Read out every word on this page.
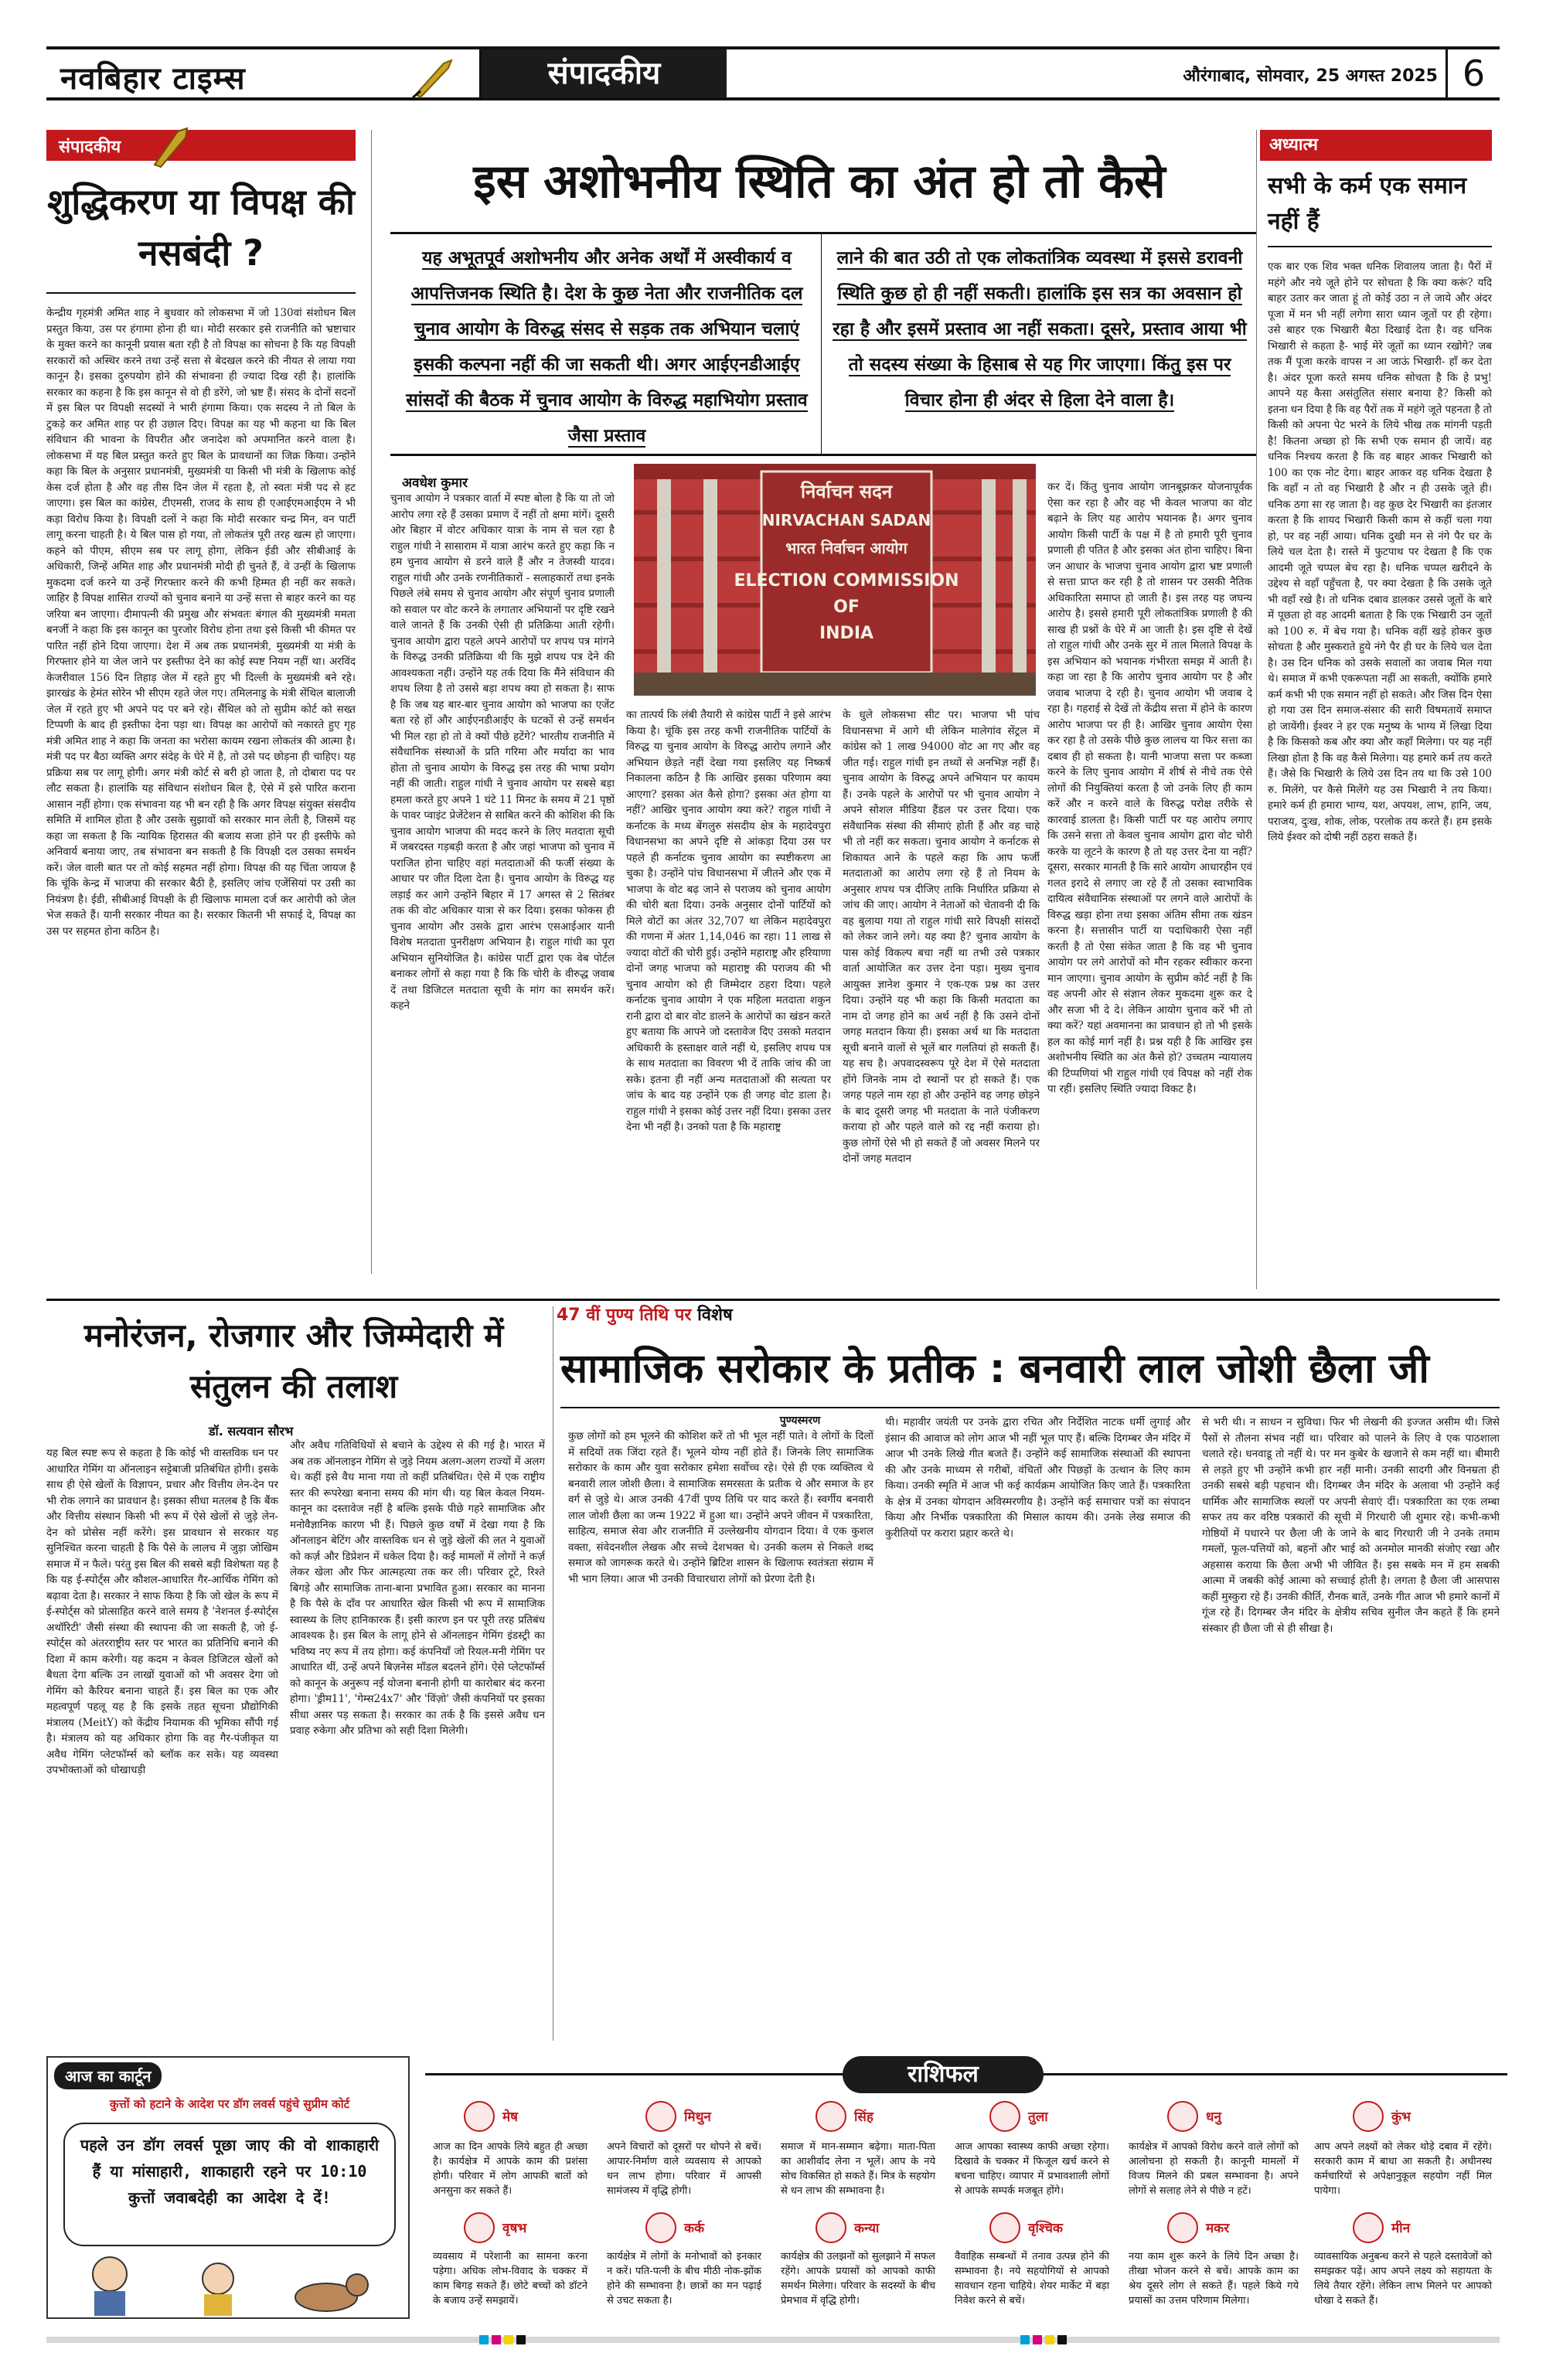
नवबिहार टाइम्स	संपादकीय	औरंगाबाद, सोमवार, 25 अगस्त 2025 6
संपादकीय
शुद्धिकरण या विपक्ष की नसबंदी ?
केन्द्रीय गृहमंत्री अमित शाह ने बुधवार को लोकसभा में जो 130वां संशोधन बिल प्रस्तुत किया, उस पर हंगामा होना ही था। मोदी सरकार इसे राजनीति को भ्रष्टाचार के मुक्त करने का कानूनी प्रयास बता रही है तो विपक्ष का सोचना है कि यह विपक्षी सरकारों को अस्थिर करने तथा उन्हें सत्ता से बेदखल करने की नीयत से लाया गया कानून है। इसका दुरुपयोग होने की संभावना ही ज्यादा दिख रही है। हालांकि सरकार का कहना है कि इस कानून से वो ही डरेंगे, जो भ्रष्ट हैं। संसद के दोनों सदनों में इस बिल पर विपक्षी सदस्यों ने भारी हंगामा किया। एक सदस्य ने तो बिल के टुकड़े कर अमित शाह पर ही उछाल दिए। विपक्ष का यह भी कहना था कि बिल संविधान की भावना के विपरीत और जनादेश को अपमानित करने वाला है। लोकसभा में यह बिल प्रस्तुत करते हुए बिल के प्रावधानों का जिक्र किया। उन्होंने कहा कि बिल के अनुसार प्रधानमंत्री, मुख्यमंत्री या किसी भी मंत्री के खिलाफ कोई केस दर्ज होता है और वह तीस दिन जेल में रहता है, तो स्वतः मंत्री पद से हट जाएगा। इस बिल का कांग्रेस, टीएमसी, राजद के साथ ही एआईएमआईएम ने भी कड़ा विरोध किया है। विपक्षी दलों ने कहा कि मोदी सरकार चन्द्र मिन, वन पार्टी लागू करना चाहती है। ये बिल पास हो गया, तो लोकतंत्र पूरी तरह खत्म हो जाएगा। कहने को पीएम, सीएम सब पर लागू होगा, लेकिन ईडी और सीबीआई के अधिकारी, जिन्हें अमित शाह और प्रधानमंत्री मोदी ही चुनते हैं, वे उन्हीं के खिलाफ मुकदमा दर्ज करने या उन्हें गिरफ्तार करने की कभी हिम्मत ही नहीं कर सकते। जाहिर है विपक्ष शासित राज्यों को चुनाव बनाने या उन्हें सत्ता से बाहर करने का यह जरिया बन जाएगा। दीमापत्नी की प्रमुख और संभवतः बंगाल की मुख्यमंत्री ममता बनर्जी ने कहा कि इस कानून का पुरजोर विरोध होना तथा इसे किसी भी कीमत पर पारित नहीं होने दिया जाएगा। देश में अब तक प्रधानमंत्री, मुख्यमंत्री या मंत्री के गिरफ्तार होने या जेल जाने पर इस्तीफा देने का कोई स्पष्ट नियम नहीं था। अरविंद केजरीवाल 156 दिन तिहाड़ जेल में रहते हुए भी दिल्ली के मुख्यमंत्री बने रहे। झारखंड के हेमंत सोरेन भी सीएम रहते जेल गए। तमिलनाडु के मंत्री सेंथिल बालाजी जेल में रहते हुए भी अपने पद पर बने रहे। सैंथिल को तो सुप्रीम कोर्ट को सख्त टिप्पणी के बाद ही इस्तीफा देना पड़ा था। विपक्ष का आरोपों को नकारते हुए गृह मंत्री अमित शाह ने कहा कि जनता का भरोसा कायम रखना लोकतंत्र की आत्मा है। मंत्री पद पर बैठा व्यक्ति अगर संदेह के घेरे में है, तो उसे पद छोड़ना ही चाहिए। यह प्रक्रिया सब पर लागू होगी। अगर मंत्री कोर्ट से बरी हो जाता है, तो दोबारा पद पर लौट सकता है। हालांकि यह संविधान संशोधन बिल है, ऐसे में इसे पारित कराना आसान नहीं होगा। एक संभावना यह भी बन रही है कि अगर विपक्ष संयुक्त संसदीय समिति में शामिल होता है और उसके सुझावों को सरकार मान लेती है, जिसमें यह कहा जा सकता है कि न्यायिक हिरासत की बजाय सजा होने पर ही इस्तीफे को अनिवार्य बनाया जाए, तब संभावना बन सकती है कि विपक्षी दल उसका समर्थन करें। जेल वाली बात पर तो कोई सहमत नहीं होगा। विपक्ष की यह चिंता जायज है कि चूंकि केन्द्र में भाजपा की सरकार बैठी है, इसलिए जांच एजेंसियां पर उसी का नियंत्रण है। ईडी, सीबीआई विपक्षी के ही खिलाफ मामला दर्ज कर आरोपी को जेल भेज सकते हैं। यानी सरकार नीयत का है। सरकार कितनी भी सफाई दे, विपक्ष का उस पर सहमत होना कठिन है।
इस अशोभनीय स्थिति का अंत हो तो कैसे
यह अभूतपूर्व अशोभनीय और अनेक अर्थों में अस्वीकार्य व आपत्तिजनक स्थिति है। देश के कुछ नेता और राजनीतिक दल चुनाव आयोग के विरुद्ध संसद से सड़क तक अभियान चलाएं इसकी कल्पना नहीं की जा सकती थी। अगर आईएनडीआईए सांसदों की बैठक में चुनाव आयोग के विरुद्ध महाभियोग प्रस्ताव जैसा प्रस्ताव
लाने की बात उठी तो एक लोकतांत्रिक व्यवस्था में इससे डरावनी स्थिति कुछ हो ही नहीं सकती। हालांकि इस सत्र का अवसान हो रहा है और इसमें प्रस्ताव आ नहीं सकता। दूसरे, प्रस्ताव आया भी तो सदस्य संख्या के हिसाब से यह गिर जाएगा। किंतु इस पर विचार होना ही अंदर से हिला देने वाला है।
अवधेश कुमार	निर्वाचन सदन
NIRVACHAN SADAN
भारत निर्वाचन आयोग
ELECTION COMMISSION
OF
INDIA
चुनाव आयोग ने पत्रकार वार्ता में स्पष्ट बोला है कि या तो जो आरोप लगा रहे हैं उसका प्रमाण दें नहीं तो क्षमा मांगें। दूसरी ओर बिहार में वोटर अधिकार यात्रा के नाम से चल रहा है राहुल गांधी ने सासाराम में यात्रा आरंभ करते हुए कहा कि न हम चुनाव आयोग से डरने वाले हैं और न तेजस्वी यादव। राहुल गांधी और उनके रणनीतिकारों - सलाहकारों तथा इनके पिछले लंबे समय से चुनाव आयोग और संपूर्ण चुनाव प्रणाली को सवाल पर वोट करने के लगातार अभियानों पर दृष्टि रखने वाले जानते हैं कि उनकी ऐसी ही प्रतिक्रिया आती रहेगी। चुनाव आयोग द्वारा पहले अपने आरोपों पर शपथ पत्र मांगने के विरुद्ध उनकी प्रतिक्रिया थी कि मुझे शपथ पत्र देने की आवश्यकता नहीं। उन्होंने यह तर्क दिया कि मैंने संविधान की शपथ लिया है तो उससे बड़ा शपथ क्या हो सकता है। साफ है कि जब यह बार-बार चुनाव आयोग को भाजपा का एजेंट बता रहे हों और आईएनडीआईए के घटकों से उन्हें समर्थन भी मिल रहा हो तो वे क्यों पीछे हटेंगे? भारतीय राजनीति में संवैधानिक संस्थाओं के प्रति गरिमा और मर्यादा का भाव होता तो चुनाव आयोग के विरुद्ध इस तरह की भाषा प्रयोग नहीं की जाती। राहुल गांधी ने चुनाव आयोग पर सबसे बड़ा हमला करते हुए अपने 1 घंटे 11 मिनट के समय में 21 पृष्ठों के पावर प्वाइंट प्रेजेंटेशन से साबित करने की कोशिश की कि चुनाव आयोग भाजपा की मदद करने के लिए मतदाता सूची में जबरदस्त गड़बड़ी करता है और जहां भाजपा को चुनाव में पराजित होना चाहिए वहां मतदाताओं की फर्जी संख्या के आधार पर जीत दिला देता है। चुनाव आयोग के विरुद्ध यह लड़ाई कर आगे उन्होंने बिहार में 17 अगस्त से 2 सितंबर तक की वोट अधिकार यात्रा से कर दिया। इसका फोकस ही चुनाव आयोग और उसके द्वारा आरंभ एसआईआर यानी विशेष मतदाता पुनरीक्षण अभियान है। राहुल गांधी का पूरा अभियान सुनियोजित है। कांग्रेस पार्टी द्वारा एक वेब पोर्टल बनाकर लोगों से कहा गया है कि कि चोरी के वीरुद्ध जवाब दें तथा डिजिटल मतदाता सूची के मांग का समर्थन करें। कहने
का तात्पर्य कि लंबी तैयारी से कांग्रेस पार्टी ने इसे आरंभ किया है। चूंकि इस तरह कभी राजनीतिक पार्टियों के विरुद्ध या चुनाव आयोग के विरुद्ध आरोप लगाने और अभियान छेड़ते नहीं देखा गया इसलिए यह निष्कर्ष निकालना कठिन है कि आखिर इसका परिणाम क्या आएगा? इसका अंत कैसे होगा? इसका अंत होगा या नहीं? आखिर चुनाव आयोग क्या करे? राहुल गांधी ने कर्नाटक के मध्य बेंगलुरु संसदीय क्षेत्र के महादेवपुरा विधानसभा का अपने दृष्टि से आंकड़ा दिया उस पर पहले ही कर्नाटक चुनाव आयोग का स्पष्टीकरण आ चुका है। उन्होंने पांच विधानसभा में जीतने और एक में भाजपा के वोट बढ़ जाने से पराजय को चुनाव आयोग की चोरी बता दिया। उनके अनुसार दोनों पार्टियों को मिले वोटों का अंतर 32,707 था लेकिन महादेवपुरा की गणना में अंतर 1,14,046 का रहा। 11 लाख से ज्यादा वोटों की चोरी हुई। उन्होंने महाराष्ट्र और हरियाणा दोनों जगह भाजपा को महाराष्ट्र की पराजय की भी चुनाव आयोग को ही जिम्मेदार ठहरा दिया। पहले कर्नाटक चुनाव आयोग ने एक महिला मतदाता शकुन रानी द्वारा दो बार वोट डालने के आरोपों का खंडन करते हुए बताया कि आपने जो दस्तावेज दिए उसको मतदान अधिकारी के हस्ताक्षर वाले नहीं थे, इसलिए शपथ पत्र के साथ मतदाता का विवरण भी दें ताकि जांच की जा सके। इतना ही नहीं अन्य मतदाताओं की सत्यता पर जांच के बाद यह उन्होंने एक ही जगह वोट डाला है। राहुल गांधी ने इसका कोई उत्तर नहीं दिया। इसका उत्तर देना भी नहीं है। उनको पता है कि महाराष्ट्र
के धुले लोकसभा सीट पर। भाजपा भी पांच विधानसभा में आगे थी लेकिन मालेगांव सेंट्रल में कांग्रेस को 1 लाख 94000 वोट आ गए और वह जीत गई। राहुल गांधी इन तथ्यों से अनभिज्ञ नहीं हैं। चुनाव आयोग के विरुद्ध अपने अभियान पर कायम हैं। उनके पहले के आरोपों पर भी चुनाव आयोग ने अपने सोशल मीडिया हैंडल पर उत्तर दिया। एक संवैधानिक संस्था की सीमाएं होती हैं और वह चाहे भी तो नहीं कर सकता। चुनाव आयोग ने कर्नाटक से शिकायत आने के पहले कहा कि आप फर्जी मतदाताओं का आरोप लगा रहे हैं तो नियम के अनुसार शपथ पत्र दीजिए ताकि निर्धारित प्रक्रिया से जांच की जाए। आयोग ने नेताओं को चेतावनी दी कि वह बुलाया गया तो राहुल गांधी सारे विपक्षी सांसदों को लेकर जाने लगे। यह क्या है? चुनाव आयोग के पास कोई विकल्प बचा नहीं था तभी उसे पत्रकार वार्ता आयोजित कर उत्तर देना पड़ा। मुख्य चुनाव आयुक्त ज्ञानेश कुमार ने एक-एक प्रश्न का उत्तर दिया। उन्होंने यह भी कहा कि किसी मतदाता का नाम दो जगह होने का अर्थ नहीं है कि उसने दोनों जगह मतदान किया ही। इसका अर्थ था कि मतदाता सूची बनाने वालों से भूलें बार गलतियां हो सकती हैं। यह सच है। अपवादस्वरूप पूरे देश में ऐसे मतदाता होंगे जिनके नाम दो स्थानों पर हो सकते हैं। एक जगह पहले नाम रहा हो और उन्होंने वह जगह छोड़ने के बाद दूसरी जगह भी मतदाता के नाते पंजीकरण कराया हो और पहले वाले को रद्द नहीं कराया हो। कुछ लोगों ऐसे भी हो सकते हैं जो अवसर मिलने पर दोनों जगह मतदान
कर दें। किंतु चुनाव आयोग जानबूझकर योजनापूर्वक ऐसा कर रहा है और वह भी केवल भाजपा का वोट बढ़ाने के लिए यह आरोप भयानक है। अगर चुनाव आयोग किसी पार्टी के पक्ष में है तो हमारी पूरी चुनाव प्रणाली ही पतित है और इसका अंत होना चाहिए। बिना जन आधार के भाजपा चुनाव आयोग द्वारा भ्रष्ट प्रणाली से सत्ता प्राप्त कर रही है तो शासन पर उसकी नैतिक अधिकारिता समाप्त हो जाती है। इस तरह यह जघन्य आरोप है। इससे हमारी पूरी लोकतांत्रिक प्रणाली है की साख ही प्रश्नों के घेरे में आ जाती है। इस दृष्टि से देखें तो राहुल गांधी और उनके सुर में ताल मिलाते विपक्ष के इस अभियान को भयानक गंभीरता समझ में आती है। कहा जा रहा है कि आरोप चुनाव आयोग पर है और जवाब भाजपा दे रही है। चुनाव आयोग भी जवाब दे रहा है। गहराई से देखें तो केंद्रीय सत्ता में होने के कारण आरोप भाजपा पर ही है। आखिर चुनाव आयोग ऐसा कर रहा है तो उसके पीछे कुछ लालच या फिर सत्ता का दबाव ही हो सकता है। यानी भाजपा सत्ता पर कब्जा करने के लिए चुनाव आयोग में शीर्ष से नीचे तक ऐसे लोगों की नियुक्तियां करता है जो उनके लिए ही काम करें और न करने वाले के विरुद्ध परोक्ष तरीके से कारवाई डालता है। किसी पार्टी पर यह आरोप लगाए कि उसने सत्ता तो केवल चुनाव आयोग द्वारा वोट चोरी करके या लूटने के कारण है तो यह उत्तर देना या नहीं? दूसरा, सरकार मानती है कि सारे आयोग आधारहीन एवं गलत इरादे से लगाए जा रहे हैं तो उसका स्वाभाविक दायित्व संवैधानिक संस्थाओं पर लगने वाले आरोपों के विरुद्ध खड़ा होना तथा इसका अंतिम सीमा तक खंडन करना है। सत्तासीन पार्टी या पदाधिकारी ऐसा नहीं करती है तो ऐसा संकेत जाता है कि वह भी चुनाव आयोग पर लगे आरोपों को मौन रहकर स्वीकार करना मान जाएगा। चुनाव आयोग के सुप्रीम कोर्ट नहीं है कि वह अपनी ओर से संज्ञान लेकर मुकदमा शुरू कर दे और सजा भी दे दे। लेकिन आयोग चुनाव करें भी तो क्या करें? यहां अवमानना का प्रावधान हो तो भी इसके हल का कोई मार्ग नहीं है। प्रश्न यही है कि आखिर इस अशोभनीय स्थिति का अंत कैसे हो? उच्चतम न्यायालय की टिप्पणियां भी राहुल गांधी एवं विपक्ष को नहीं रोक पा रहीं। इसलिए स्थिति ज्यादा विकट है।
अध्यात्म
सभी के कर्म एक समान नहीं हैं
एक बार एक शिव भक्त धनिक शिवालय जाता है। पैरों में महंगे और नये जूते होने पर सोचता है कि क्या करूं? यदि बाहर उतार कर जाता हूं तो कोई उठा न ले जाये और अंदर पूजा में मन भी नहीं लगेगा सारा ध्यान जूतों पर ही रहेगा। उसे बाहर एक भिखारी बैठा दिखाई देता है। वह धनिक भिखारी से कहता है- भाई मेरे जूतों का ध्यान रखोगे? जब तक मैं पूजा करके वापस न आ जाऊं भिखारी- हाँ कर देता है। अंदर पूजा करते समय धनिक सोचता है कि हे प्रभु! आपने यह कैसा असंतुलित संसार बनाया है? किसी को इतना धन दिया है कि वह पैरों तक में महंगे जूते पहनता है तो किसी को अपना पेट भरने के लिये भीख तक मांगनी पड़ती है! कितना अच्छा हो कि सभी एक समान ही जायें। वह धनिक निश्चय करता है कि वह बाहर आकर भिखारी को 100 का एक नोट देगा। बाहर आकर वह धनिक देखता है कि वहाँ न तो वह भिखारी है और न ही उसके जूते ही। धनिक ठगा सा रह जाता है। वह कुछ देर भिखारी का इंतजार करता है कि शायद भिखारी किसी काम से कहीं चला गया हो, पर वह नहीं आया। धनिक दुखी मन से नंगे पैर घर के लिये चल देता है। रास्ते में फुटपाथ पर देखता है कि एक आदमी जूते चप्पल बेच रहा है। धनिक चप्पल खरीदने के उद्देश्य से वहाँ पहुँचता है, पर क्या देखता है कि उसके जूते भी वहाँ रखे है। तो धनिक दबाव डालकर उससे जूतों के बारे में पूछता हो वह आदमी बताता है कि एक भिखारी उन जूतों को 100 रु. में बेच गया है। धनिक वहीं खड़े होकर कुछ सोचता है और मुस्कराते हुये नंगे पैर ही घर के लिये चल देता है। उस दिन धनिक को उसके सवालों का जवाब मिल गया थे। समाज में कभी एकरूपता नहीं आ सकती, क्योंकि हमारे कर्म कभी भी एक समान नहीं हो सकते। और जिस दिन ऐसा हो गया उस दिन समाज-संसार की सारी विषमतायें समाप्त हो जायेंगी। ईश्वर ने हर एक मनुष्य के भाग्य में लिखा दिया है कि किसको कब और क्या और कहाँ मिलेगा। पर यह नहीं लिखा होता है कि वह कैसे मिलेगा। यह हमारे कर्म तय करते हैं। जैसे कि भिखारी के लिये उस दिन तय था कि उसे 100 रु. मिलेंगे, पर कैसे मिलेंगे यह उस भिखारी ने तय किया। हमारे कर्म ही हमारा भाग्य, यश, अपयश, लाभ, हानि, जय, पराजय, दुःख, शोक, लोक, परलोक तय करते हैं। हम इसके लिये ईश्वर को दोषी नहीं ठहरा सकते हैं।
मनोरंजन, रोजगार और जिम्मेदारी में संतुलन की तलाश
डॉ. सत्यवान सौरभ
यह बिल स्पष्ट रूप से कहता है कि कोई भी वास्तविक धन पर आधारित गेमिंग या ऑनलाइन सट्टेबाजी प्रतिबंधित होगी। इसके साथ ही ऐसे खेलों के विज्ञापन, प्रचार और वित्तीय लेन-देन पर भी रोक लगाने का प्रावधान है। इसका सीधा मतलब है कि बैंक और वित्तीय संस्थान किसी भी रूप में ऐसे खेलों से जुड़े लेन-देन को प्रोसेस नहीं करेंगे। इस प्रावधान से सरकार यह सुनिश्चित करना चाहती है कि पैसे के लालच में जुड़ा जोखिम समाज में न फैले। परंतु इस बिल की सबसे बड़ी विशेषता यह है कि यह ई-स्पोर्ट्स और कौशल-आधारित गैर-आर्थिक गेमिंग को बढ़ावा देता है। सरकार ने साफ किया है कि जो खेल के रूप में ई-स्पोर्ट्स को प्रोत्साहित करने वाले समय है 'नेशनल ई-स्पोर्ट्स अथॉरिटी' जैसी संस्था की स्थापना की जा सकती है, जो ई-स्पोर्ट्स को अंतरराष्ट्रीय स्तर पर भारत का प्रतिनिधि बनाने की दिशा में काम करेगी। यह कदम न केवल डिजिटल खेलों को बैधता देगा बल्कि उन लाखों युवाओं को भी अवसर देगा जो गेमिंग को कैरियर बनाना चाहते हैं। इस बिल का एक और महत्वपूर्ण पहलू यह है कि इसके तहत सूचना प्रौद्योगिकी मंत्रालय (MeitY) को केंद्रीय नियामक की भूमिका सौंपी गई है। मंत्रालय को यह अधिकार होगा कि वह गैर-पंजीकृत या अवैध गेमिंग प्लेटफॉर्म्स को ब्लॉक कर सके। यह व्यवस्था उपभोक्ताओं को धोखाधड़ी
और अवैध गतिविधियों से बचाने के उद्देश्य से की गई है। भारत में अब तक ऑनलाइन गेमिंग से जुड़े नियम अलग-अलग राज्यों में अलग थे। कहीं इसे वैध माना गया तो कहीं प्रतिबंधित। ऐसे में एक राष्ट्रीय स्तर की रूपरेखा बनाना समय की मांग थी। यह बिल केवल नियम-कानून का दस्तावेज नहीं है बल्कि इसके पीछे गहरे सामाजिक और मनोवैज्ञानिक कारण भी हैं। पिछले कुछ वर्षों में देखा गया है कि ऑनलाइन बेटिंग और वास्तविक धन से जुड़े खेलों की लत ने युवाओं को कर्ज़ और डिप्रेशन में धकेल दिया है। कई मामलों में लोगों ने कर्ज़ लेकर खेला और फिर आत्महत्या तक कर ली। परिवार टूटे, रिश्ते बिगड़े और सामाजिक ताना-बाना प्रभावित हुआ। सरकार का मानना है कि पैसे के दाँव पर आधारित खेल किसी भी रूप में सामाजिक स्वास्थ्य के लिए हानिकारक हैं। इसी कारण इन पर पूरी तरह प्रतिबंध आवश्यक है। इस बिल के लागू होने से ऑनलाइन गेमिंग इंडस्ट्री का भविष्य नए रूप में तय होगा। कई कंपनियाँ जो रियल-मनी गेमिंग पर आधारित थीं, उन्हें अपने बिज़नेस मॉडल बदलने होंगे। ऐसे प्लेटफॉर्म्स को कानून के अनुरूप नई योजना बनानी होगी या कारोबार बंद करना होगा। 'ड्रीम11', 'गेम्स24x7' और 'विंज़ो' जैसी कंपनियों पर इसका सीधा असर पड़ सकता है। सरकार का तर्क है कि इससे अवैध धन प्रवाह रुकेगा और प्रतिभा को सही दिशा मिलेगी।
47 वीं पुण्य तिथि पर विशेष
सामाजिक सरोकार के प्रतीक : बनवारी लाल जोशी छैला जी
पुण्यस्मरण
कुछ लोगों को हम भूलने की कोशिश करें तो भी भूल नहीं पाते। वे लोगों के दिलों में सदियों तक जिंदा रहते हैं। भूलने योग्य नहीं होते हैं। जिनके लिए सामाजिक सरोकार के काम और युवा सरोकार हमेशा सर्वोच्च रहे। ऐसे ही एक व्यक्तित्व थे बनवारी लाल जोशी छैला। वे सामाजिक समरसता के प्रतीक थे और समाज के हर वर्ग से जुड़े थे। आज उनकी 47वीं पुण्य तिथि पर याद करते हैं। स्वर्गीय बनवारी लाल जोशी छैला का जन्म 1922 में हुआ था। उन्होंने अपने जीवन में पत्रकारिता, साहित्य, समाज सेवा और राजनीति में उल्लेखनीय योगदान दिया। वे एक कुशल वक्ता, संवेदनशील लेखक और सच्चे देशभक्त थे। उनकी कलम से निकले शब्द समाज को जागरूक करते थे। उन्होंने ब्रिटिश शासन के खिलाफ स्वतंत्रता संग्राम में भी भाग लिया। आज भी उनकी विचारधारा लोगों को प्रेरणा देती है।
थी। महावीर जयंती पर उनके द्वारा रचित और निर्देशित नाटक धर्मी लुगाई और इंसान की आवाज को लोग आज भी नहीं भूल पाए हैं। बल्कि दिगम्बर जैन मंदिर में आज भी उनके लिखे गीत बजते हैं। उन्होंने कई सामाजिक संस्थाओं की स्थापना की और उनके माध्यम से गरीबों, वंचितों और पिछड़ों के उत्थान के लिए काम किया। उनकी स्मृति में आज भी कई कार्यक्रम आयोजित किए जाते हैं। पत्रकारिता के क्षेत्र में उनका योगदान अविस्मरणीय है। उन्होंने कई समाचार पत्रों का संपादन किया और निर्भीक पत्रकारिता की मिसाल कायम की। उनके लेख समाज की कुरीतियों पर करारा प्रहार करते थे।
से भरी थी। न साधन न सुविधा। फिर भी लेखनी की इज्जत असीम थी। जिसे पैसों से तौलना संभव नहीं था। परिवार को पालने के लिए वे एक पाठशाला चलाते रहे। धनवाडू तो नहीं थे। पर मन कुबेर के खजाने से कम नहीं था। बीमारी से लड़ते हुए भी उन्होंने कभी हार नहीं मानी। उनकी सादगी और विनम्रता ही उनकी सबसे बड़ी पहचान थी। दिगम्बर जैन मंदिर के अलावा भी उन्होंने कई धार्मिक और सामाजिक स्थलों पर अपनी सेवाएं दीं। पत्रकारिता का एक लम्बा सफर तय कर वरिष्ठ पत्रकारों की सूची में गिरधारी जी शुमार रहे। कभी-कभी गोष्ठियों में पधारने पर छैला जी के जाने के बाद गिरधारी जी ने उनके तमाम गमलों, फूल-पत्तियों को, बहनों और भाई को अनमोल मानकी संजोए रखा और अहसास कराया कि छैला अभी भी जीवित हैं। इस सबके मन में हम सबकी आत्मा में जबकी कोई आत्मा को सच्चाई होती है। लगता है छैला जी आसपास कहीं मुस्कुरा रहे हैं। उनकी कीर्ति, रौनक बातें, उनके गीत आज भी हमारे कानों में गूंज रहे हैं। दिगम्बर जैन मंदिर के क्षेत्रीय सचिव सुनील जैन कहते हैं कि हमने संस्कार ही छैला जी से ही सीखा है।
आज का कार्टून
कुत्तों को हटाने के आदेश पर डॉग लवर्स पहुंचे सुप्रीम कोर्ट
पहले उन डॉग लवर्स पूछा जाए की वो शाकाहारी हैं या मांसाहारी, शाकाहारी रहने पर 10:10 कुत्तों जवाबदेही का आदेश दे दें!
राशिफल
मेष
आज का दिन आपके लिये बहुत ही अच्छा है। कार्यक्षेत्र में आपके काम की प्रशंसा होगी। परिवार में लोग आपकी बातों को अनसुना कर सकते हैं।
मिथुन
अपने विचारों को दूसरों पर थोपने से बचें। आपार-निर्माण वाले व्यवसाय से आपको धन लाभ होगा। परिवार में आपसी सामंजस्य में वृद्धि होगी।
सिंह
समाज में मान-सम्मान बढ़ेगा। माता-पिता का आशीर्वाद लेना न भूलें। आप के नये सोच विकसित हो सकते हैं। मित्र के सहयोग से धन लाभ की सम्भावना है।
तुला
आज आपका स्वास्थ्य काफी अच्छा रहेगा। दिखावे के चक्कर में फिजूल खर्च करने से बचना चाहिए। व्यापार में प्रभावशाली लोगों से आपके सम्पर्क मजबूत होंगे।
धनु
कार्यक्षेत्र में आपको विरोध करने वाले लोगों को आलोचना हो सकती है। कानूनी मामलों में विजय मिलने की प्रबल सम्भावना है। अपने लोगों से सलाह लेने से पीछे न हटें।
कुंभ
आप अपने लक्ष्यों को लेकर थोड़े दबाव में रहेंगे। सरकारी काम में बाधा आ सकती है। अधीनस्थ कर्मचारियों से अपेक्षानुकूल सहयोग नहीं मिल पायेगा।
वृषभ
व्यवसाय में परेशानी का सामना करना पड़ेगा। अधिक लोभ-विवाद के चक्कर में काम बिगड़ सकते हैं। छोटे बच्चों को डॉटने के बजाय उन्हें समझायें।
कर्क
कार्यक्षेत्र में लोगों के मनोभावों को इनकार न करें। पति-पत्नी के बीच मीठी नोक-झोंक होने की सम्भावना है। छात्रों का मन पढ़ाई से उचट सकता है।
कन्या
कार्यक्षेत्र की उलझनों को सुलझाने में सफल रहेंगे। आपके प्रयासों को आपको काफी समर्थन मिलेगा। परिवार के सदस्यों के बीच प्रेमभाव में वृद्धि होगी।
वृश्चिक
वैवाहिक सम्बन्धों में तनाव उत्पन्न होने की सम्भावना है। नये सहयोगियों से आपको सावधान रहना चाहिये। शेयर मार्केट में बड़ा निवेश करने से बचें।
मकर
नया काम शुरू करने के लिये दिन अच्छा है। तीखा भोजन करने से बचें। आपके काम का श्रेय दूसरे लोग ले सकते हैं। पहले किये गये प्रयासों का उत्तम परिणाम मिलेगा।
मीन
व्यावसायिक अनुबन्ध करने से पहले दस्तावेजों को समझकर पढ़ें। आप अपने लक्ष्य को सहायता के लिये तैयार रहेंगे। लेकिन लाभ मिलने पर आपको धोखा दे सकते हैं।
